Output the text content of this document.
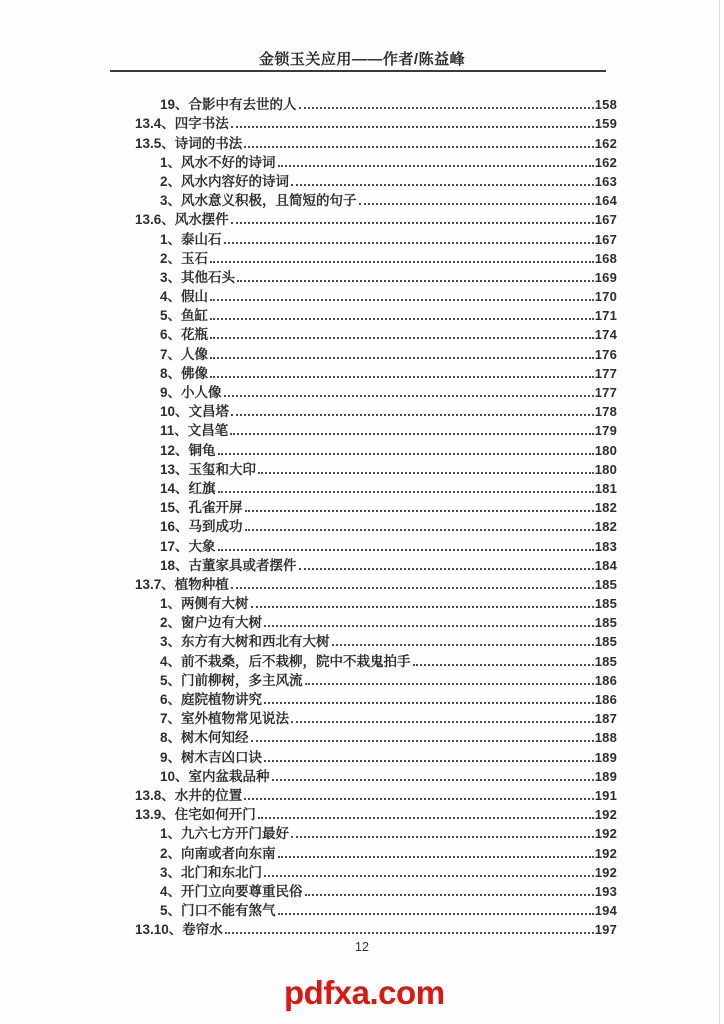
金锁玉关应用——作者/陈益峰
19、合影中有去世的人	158
13.4、四字书法	159
13.5、诗词的书法	162
1、风水不好的诗词	162
2、风水内容好的诗词	163
3、风水意义积极，且简短的句子	164
13.6、风水摆件	167
1、泰山石	167
2、玉石	168
3、其他石头	169
4、假山	170
5、鱼缸	171
6、花瓶	174
7、人像	176
8、佛像	177
9、小人像	177
10、文昌塔	178
11、文昌笔	179
12、铜龟	180
13、玉玺和大印	180
14、红旗	181
15、孔雀开屏	182
16、马到成功	182
17、大象	183
18、古董家具或者摆件	184
13.7、植物种植	185
1、两侧有大树	185
2、窗户边有大树	185
3、东方有大树和西北有大树	185
4、前不栽桑，后不栽柳，院中不栽鬼拍手	185
5、门前柳树，多主风流	186
6、庭院植物讲究	186
7、室外植物常见说法	187
8、树木何知经	188
9、树木吉凶口诀	189
10、室内盆栽品种	189
13.8、水井的位置	191
13.9、住宅如何开门	192
1、九六七方开门最好	192
2、向南或者向东南	192
3、北门和东北门	192
4、开门立向要尊重民俗	193
5、门口不能有煞气	194
13.10、卷帘水	197
12
pdfxa.com
